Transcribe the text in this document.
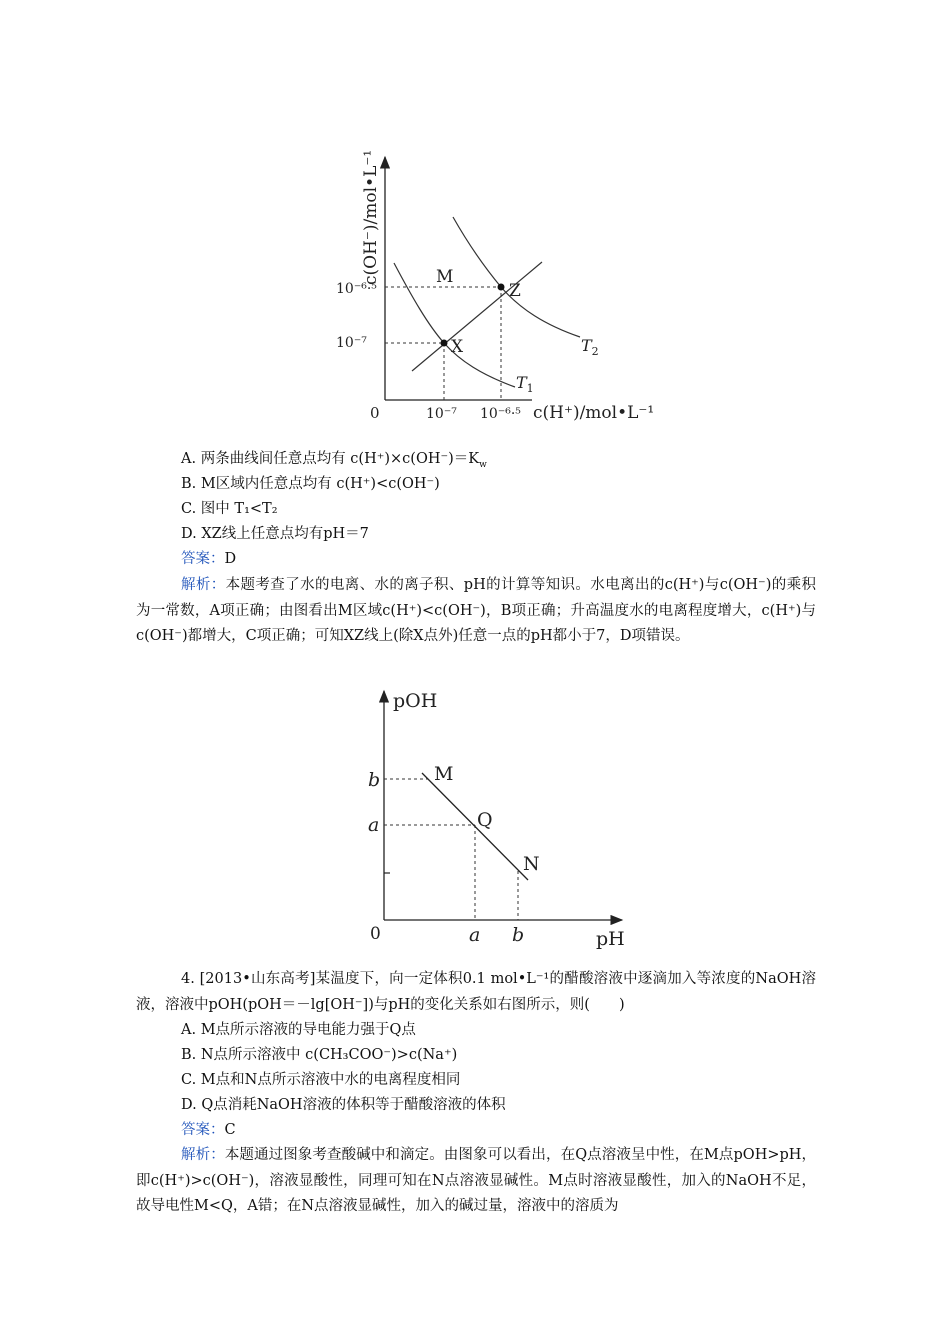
c(OH⁻)/mol•L⁻¹
c(H⁺)/mol•L⁻¹
0
10⁻⁷
10⁻⁶·⁵
10⁻⁷ 10⁻⁶·⁵
M
X
Z
$T_1$
$T_2$
A. 两条曲线间任意点均有 $c(H^+)\times c(OH^-)=K_w$
B. M区域内任意点均有 c(H⁺)<c(OH⁻)
C. 图中 T₁<T₂
D. XZ线上任意点均有pH＝7
答案：D
解析：本题考查了水的电离、水的离子积、pH的计算等知识。水电离出的c(H⁺)与c(OH⁻)的乘积为一常数，A项正确；由图看出M区域c(H⁺)<c(OH⁻)，B项正确；升高温度水的电离程度增大，c(H⁺)与c(OH⁻)都增大，C项正确；可知XZ线上(除X点外)任意一点的pH都小于7，D项错误。
pOH
pH
0
b
a
a b
M
Q
N
4. [2013•山东高考]某温度下，向一定体积0.1 mol•L⁻¹的醋酸溶液中逐滴加入等浓度的NaOH溶液，溶液中pOH(pOH＝－lg[OH⁻])与pH的变化关系如右图所示，则(　　)
A. M点所示溶液的导电能力强于Q点
B. N点所示溶液中 c(CH₃COO⁻)>c(Na⁺)
C. M点和N点所示溶液中水的电离程度相同
D. Q点消耗NaOH溶液的体积等于醋酸溶液的体积
答案：C
解析：本题通过图象考查酸碱中和滴定。由图象可以看出，在Q点溶液呈中性，在M点pOH>pH，即c(H⁺)>c(OH⁻)，溶液显酸性，同理可知在N点溶液显碱性。M点时溶液显酸性，加入的NaOH不足，故导电性M<Q，A错；在N点溶液显碱性，加入的碱过量，溶液中的溶质为
